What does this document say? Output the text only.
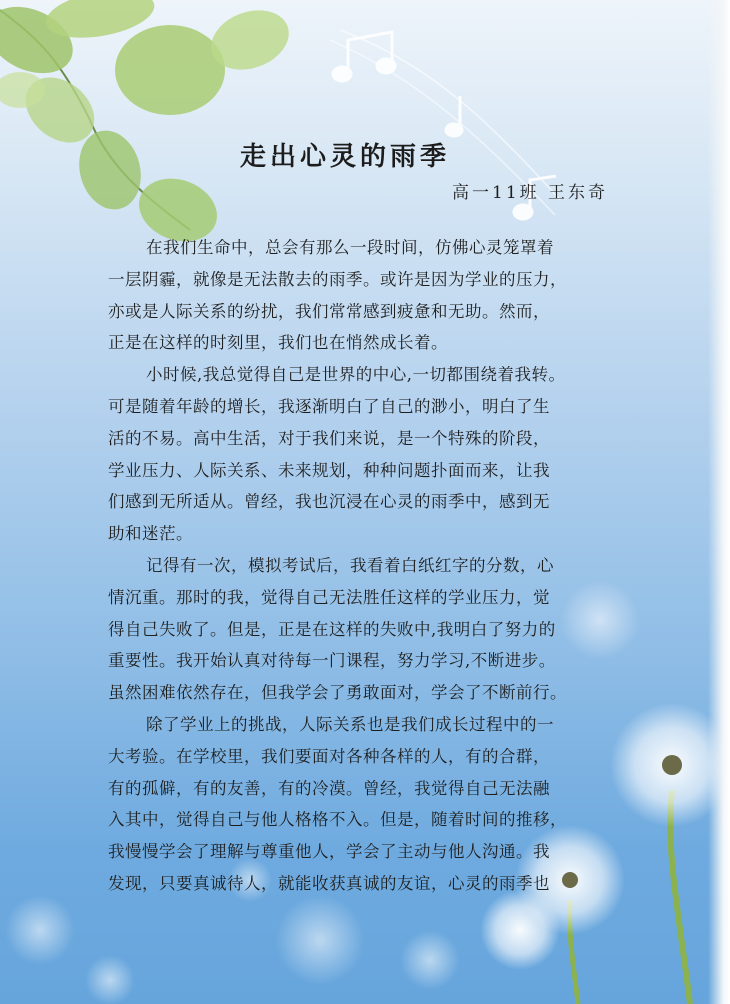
走出心灵的雨季
高一11班 王东奇
在我们生命中，总会有那么一段时间，仿佛心灵笼罩着
一层阴霾，就像是无法散去的雨季。或许是因为学业的压力，
亦或是人际关系的纷扰，我们常常感到疲惫和无助。然而，
正是在这样的时刻里，我们也在悄然成长着。
小时候,我总觉得自己是世界的中心,一切都围绕着我转。
可是随着年龄的增长，我逐渐明白了自己的渺小，明白了生
活的不易。高中生活，对于我们来说，是一个特殊的阶段，
学业压力、人际关系、未来规划，种种问题扑面而来，让我
们感到无所适从。曾经，我也沉浸在心灵的雨季中，感到无
助和迷茫。
记得有一次，模拟考试后，我看着白纸红字的分数，心
情沉重。那时的我，觉得自己无法胜任这样的学业压力，觉
得自己失败了。但是，正是在这样的失败中,我明白了努力的
重要性。我开始认真对待每一门课程，努力学习,不断进步。
虽然困难依然存在，但我学会了勇敢面对，学会了不断前行。
除了学业上的挑战，人际关系也是我们成长过程中的一
大考验。在学校里，我们要面对各种各样的人，有的合群，
有的孤僻，有的友善，有的冷漠。曾经，我觉得自己无法融
入其中，觉得自己与他人格格不入。但是，随着时间的推移，
我慢慢学会了理解与尊重他人，学会了主动与他人沟通。我
发现，只要真诚待人，就能收获真诚的友谊，心灵的雨季也
